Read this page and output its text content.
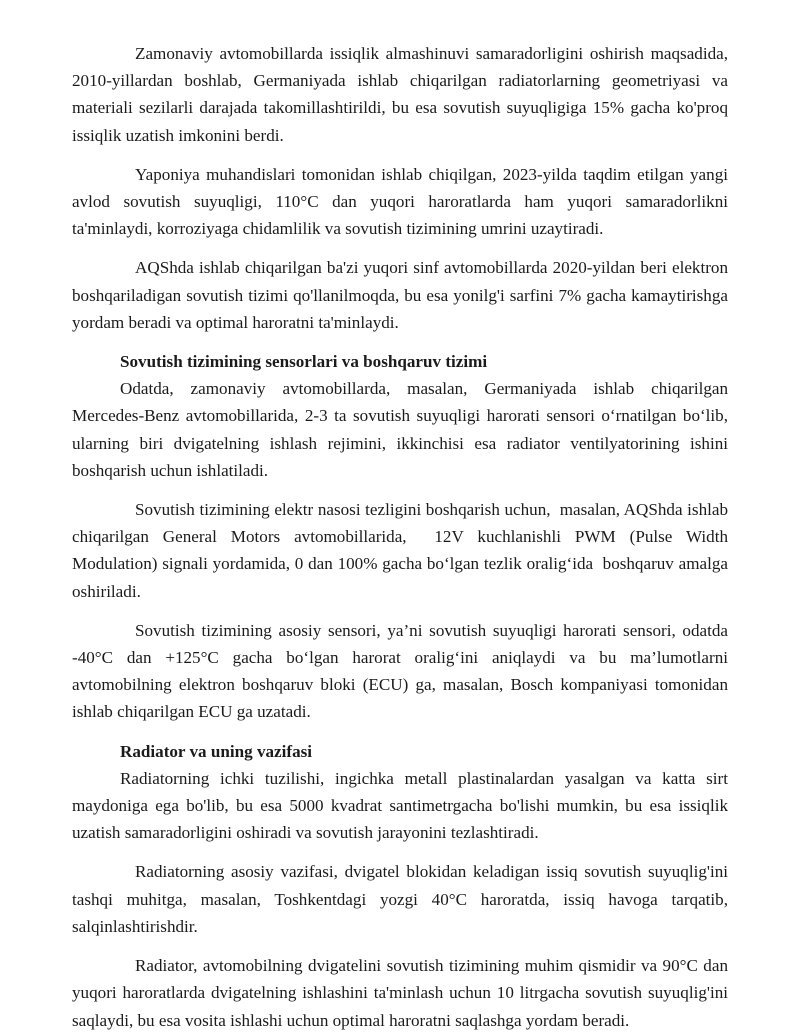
Zamonaviy avtomobillarda issiqlik almashinuvi samaradorligini oshirish maqsadida, 2010-yillardan boshlab, Germaniyada ishlab chiqarilgan radiatorlarning geometriyasi va materiali sezilarli darajada takomillashtirildi, bu esa sovutish suyuqligiga 15% gacha ko'proq issiqlik uzatish imkonini berdi.

Yaponiya muhandislari tomonidan ishlab chiqilgan, 2023-yilda taqdim etilgan yangi avlod sovutish suyuqligi, 110°C dan yuqori haroratlarda ham yuqori samaradorlikni ta'minlaydi, korroziyaga chidamlilik va sovutish tizimining umrini uzaytiradi.

AQShda ishlab chiqarilgan ba'zi yuqori sinf avtomobillarda 2020-yildan beri elektron boshqariladigan sovutish tizimi qo'llanilmoqda, bu esa yonilg'i sarfini 7% gacha kamaytirishga yordam beradi va optimal haroratni ta'minlaydi.

Sovutish tizimining sensorlari va boshqaruv tizimi

Odatda, zamonaviy avtomobillarda, masalan, Germaniyada ishlab chiqarilgan Mercedes-Benz avtomobillarida, 2-3 ta sovutish suyuqligi harorati sensori o‘rnatilgan bo‘lib, ularning biri dvigatelning ishlash rejimini, ikkinchisi esa radiator ventilyatorining ishini boshqarish uchun ishlatiladi.

Sovutish tizimining elektr nasosi tezligini boshqarish uchun,  masalan, AQShda ishlab chiqarilgan General Motors avtomobillarida,  12V kuchlanishli PWM (Pulse Width Modulation) signali yordamida, 0 dan 100% gacha bo‘lgan tezlik oralig‘ida  boshqaruv amalga oshiriladi.

Sovutish tizimining asosiy sensori, ya’ni sovutish suyuqligi harorati sensori, odatda -40°C dan +125°C gacha bo‘lgan harorat oralig‘ini aniqlaydi va bu ma’lumotlarni avtomobilning elektron boshqaruv bloki (ECU) ga, masalan, Bosch kompaniyasi tomonidan ishlab chiqarilgan ECU ga uzatadi.

Radiator va uning vazifasi

Radiatorning ichki tuzilishi, ingichka metall plastinalardan yasalgan va katta sirt maydoniga ega bo'lib, bu esa 5000 kvadrat santimetrgacha bo'lishi mumkin, bu esa issiqlik uzatish samaradorligini oshiradi va sovutish jarayonini tezlashtiradi.

Radiatorning asosiy vazifasi, dvigatel blokidan keladigan issiq sovutish suyuqlig'ini tashqi muhitga, masalan, Toshkentdagi yozgi 40°C haroratda, issiq havoga tarqatib, salqinlashtirishdir.

Radiator, avtomobilning dvigatelini sovutish tizimining muhim qismidir va 90°C dan yuqori haroratlarda dvigatelning ishlashini ta'minlash uchun 10 litrgacha sovutish suyuqlig'ini saqlaydi, bu esa vosita ishlashi uchun optimal haroratni saqlashga yordam beradi.
